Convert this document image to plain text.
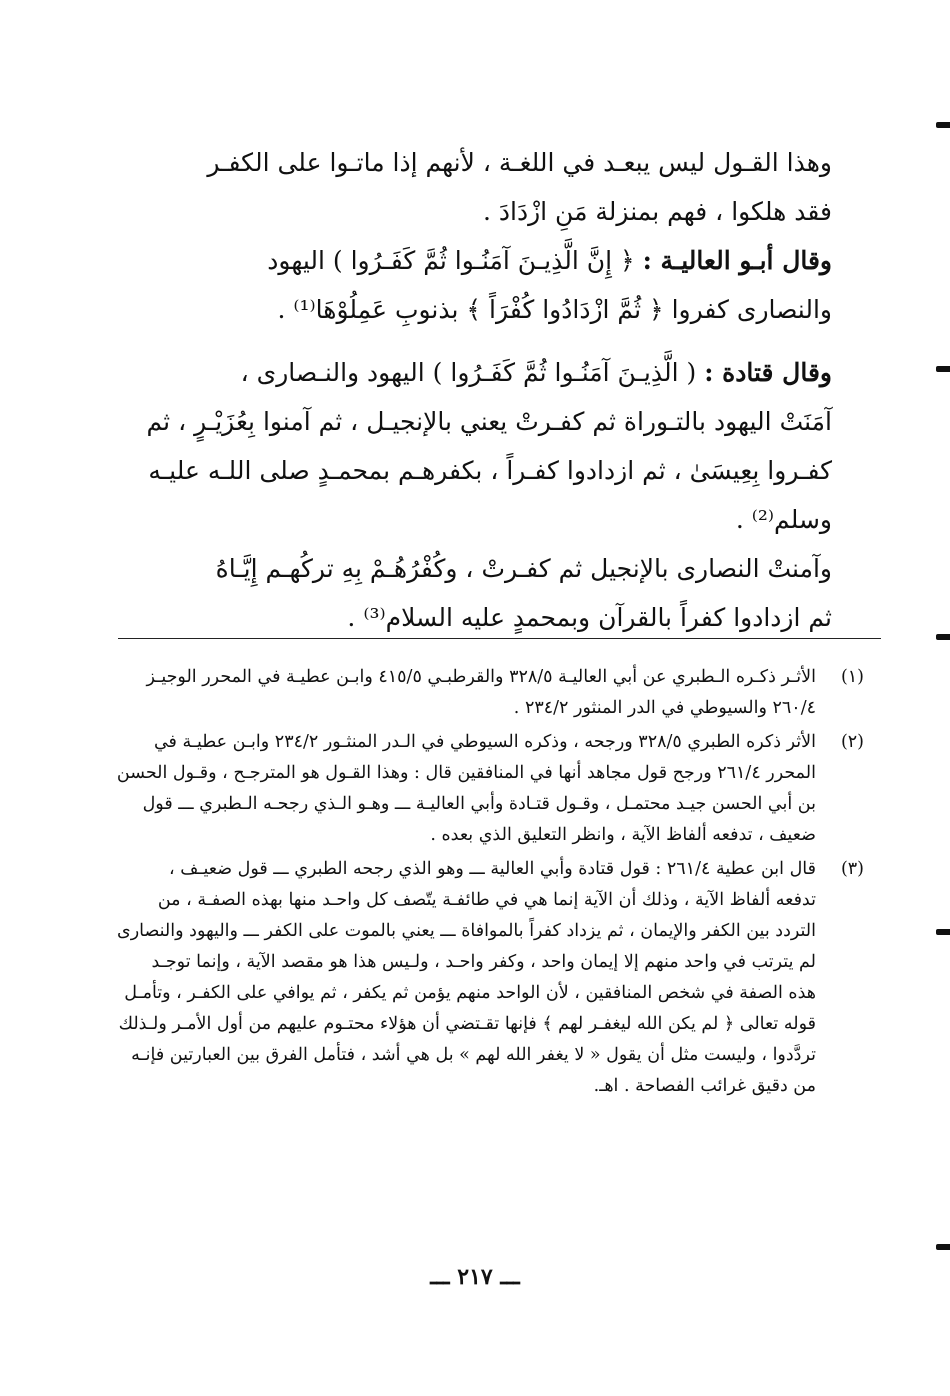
وهذا القـول ليس يبعـد في اللغـة ، لأنهم إذا ماتـوا على الكفـر
فقد هلكوا ، فهم بمنزلة مَنِ ازْدَادَ .

وقال أبـو العاليـة : ﴿ إِنَّ الَّذِيـنَ آمَنُـوا ثُمَّ كَفَـرُوا ) اليهود
والنصارى كفروا ﴿ ثُمَّ ازْدَادُوا كُفْرَاً ﴾ بذنوبِ عَمِلُوْهَا⁽¹⁾ .

وقال قتادة : ( الَّذِيـنَ آمَنُـوا ثُمَّ كَفَـرُوا ) اليهود والنـصارى ،
آمَنَتْ اليهود بالتـوراة ثم كفـرتْ يعني بالإنجيـل ، ثم آمنوا بِعُزَيْـرٍ ، ثم
كفـروا بِعِيسَىٰ ، ثم ازدادوا كفـراً ، بكفرهـم بمحمـدٍ صلى اللـه عليـه
وسلم⁽²⁾ .

وآمنتْ النصارى بالإنجيل ثم كفـرتْ ، وكُفْرُهُـمْ بِهِ تركُهـم إِيَّـاهُ
ثم ازدادوا كفراً بالقرآن وبمحمدٍ عليه السلام⁽³⁾ .

(١)
الأثـر ذكـره الـطبري عن أبي العاليـة ٣٢٨/٥ والقرطبـي ٤١٥/٥ وابـن عطيـة في المحرر الوجيـز
٢٦٠/٤ والسيوطي في الدر المنثور ٢٣٤/٢ .
(٢)
الأثر ذكره الطبري ٣٢٨/٥ ورجحه ، وذكره السيوطي في الـدر المنثـور ٢٣٤/٢ وابـن عطيـة في
المحرر ٢٦١/٤ ورجح قول مجاهد أنها في المنافقين قال : وهذا القـول هو المترجـح ، وقـول الحسن
بن أبي الحسن جيـد محتمـل ، وقـول قتـادة وأبي العاليـة ـــ وهـو الـذي رجحـه الـطبري ـــ قول
ضعيف ، تدفعه ألفاظ الآية ، وانظر التعليق الذي بعده .
(٣)
قال ابن عطية ٢٦١/٤ : قول قتادة وأبي العالية ـــ وهو الذي رجحه الطبري ـــ قول ضعيـف ،
تدفعه ألفاظ الآية ، وذلك أن الآية إنما هي في طائفـة يتّصف كل واحـد منها بهذه الصفـة ، من
التردد بين الكفر والإيمان ، ثم يزداد كفراً بالموافاة ـــ يعني بالموت على الكفر ـــ واليهود والنصارى
لم يترتب في واحد منهم إلا إيمان واحد ، وكفر واحـد ، ولـيس هذا هو مقصد الآية ، وإنما توجـد
هذه الصفة في شخص المنافقين ، لأن الواحد منهم يؤمن ثم يكفر ، ثم يوافي على الكفـر ، وتأمـل
قوله تعالى ﴿ لم يكن الله ليغفـر لهم ﴾ فإنها تقـتضي أن هؤلاء محتـوم عليهم من أول الأمـر ولـذلك
تردَّدوا ، وليست مثل أن يقول « لا يغفر الله لهم » بل هي أشد ، فتأمل الفرق بين العبارتين فإنـه
من دقيق غرائب الفصاحة . اهـ.
ـــ ٢١٧ ـــ
